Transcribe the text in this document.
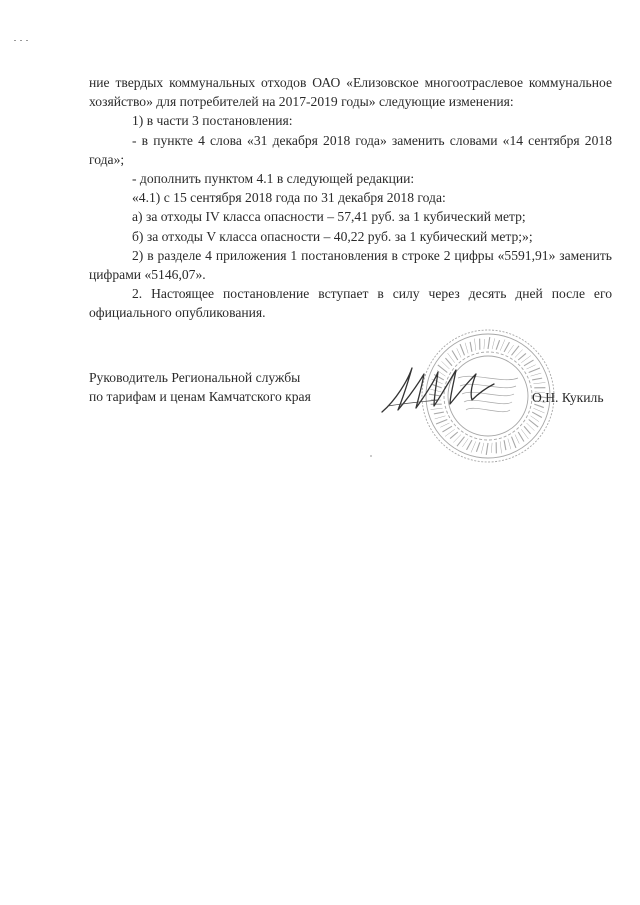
ние твердых коммунальных отходов ОАО «Елизовское многоотраслевое коммунальное хозяйство» для потребителей на 2017-2019 годы» следующие изменения:

1) в части 3 постановления:

- в пункте 4 слова «31 декабря 2018 года» заменить словами «14 сентября 2018 года»;

- дополнить пунктом 4.1 в следующей редакции:

«4.1) с 15 сентября 2018 года по 31 декабря 2018 года:

а) за отходы IV класса опасности – 57,41 руб. за 1 кубический метр;

б) за отходы V класса опасности – 40,22 руб. за 1 кубический метр;»;

2) в разделе 4 приложения 1 постановления в строке 2 цифры «5591,91» заменить цифрами «5146,07».

2. Настоящее постановление вступает в силу через десять дней после его официального опубликования.

Руководитель Региональной службы
по тарифам и ценам Камчатского края	О.Н. Кукиль
